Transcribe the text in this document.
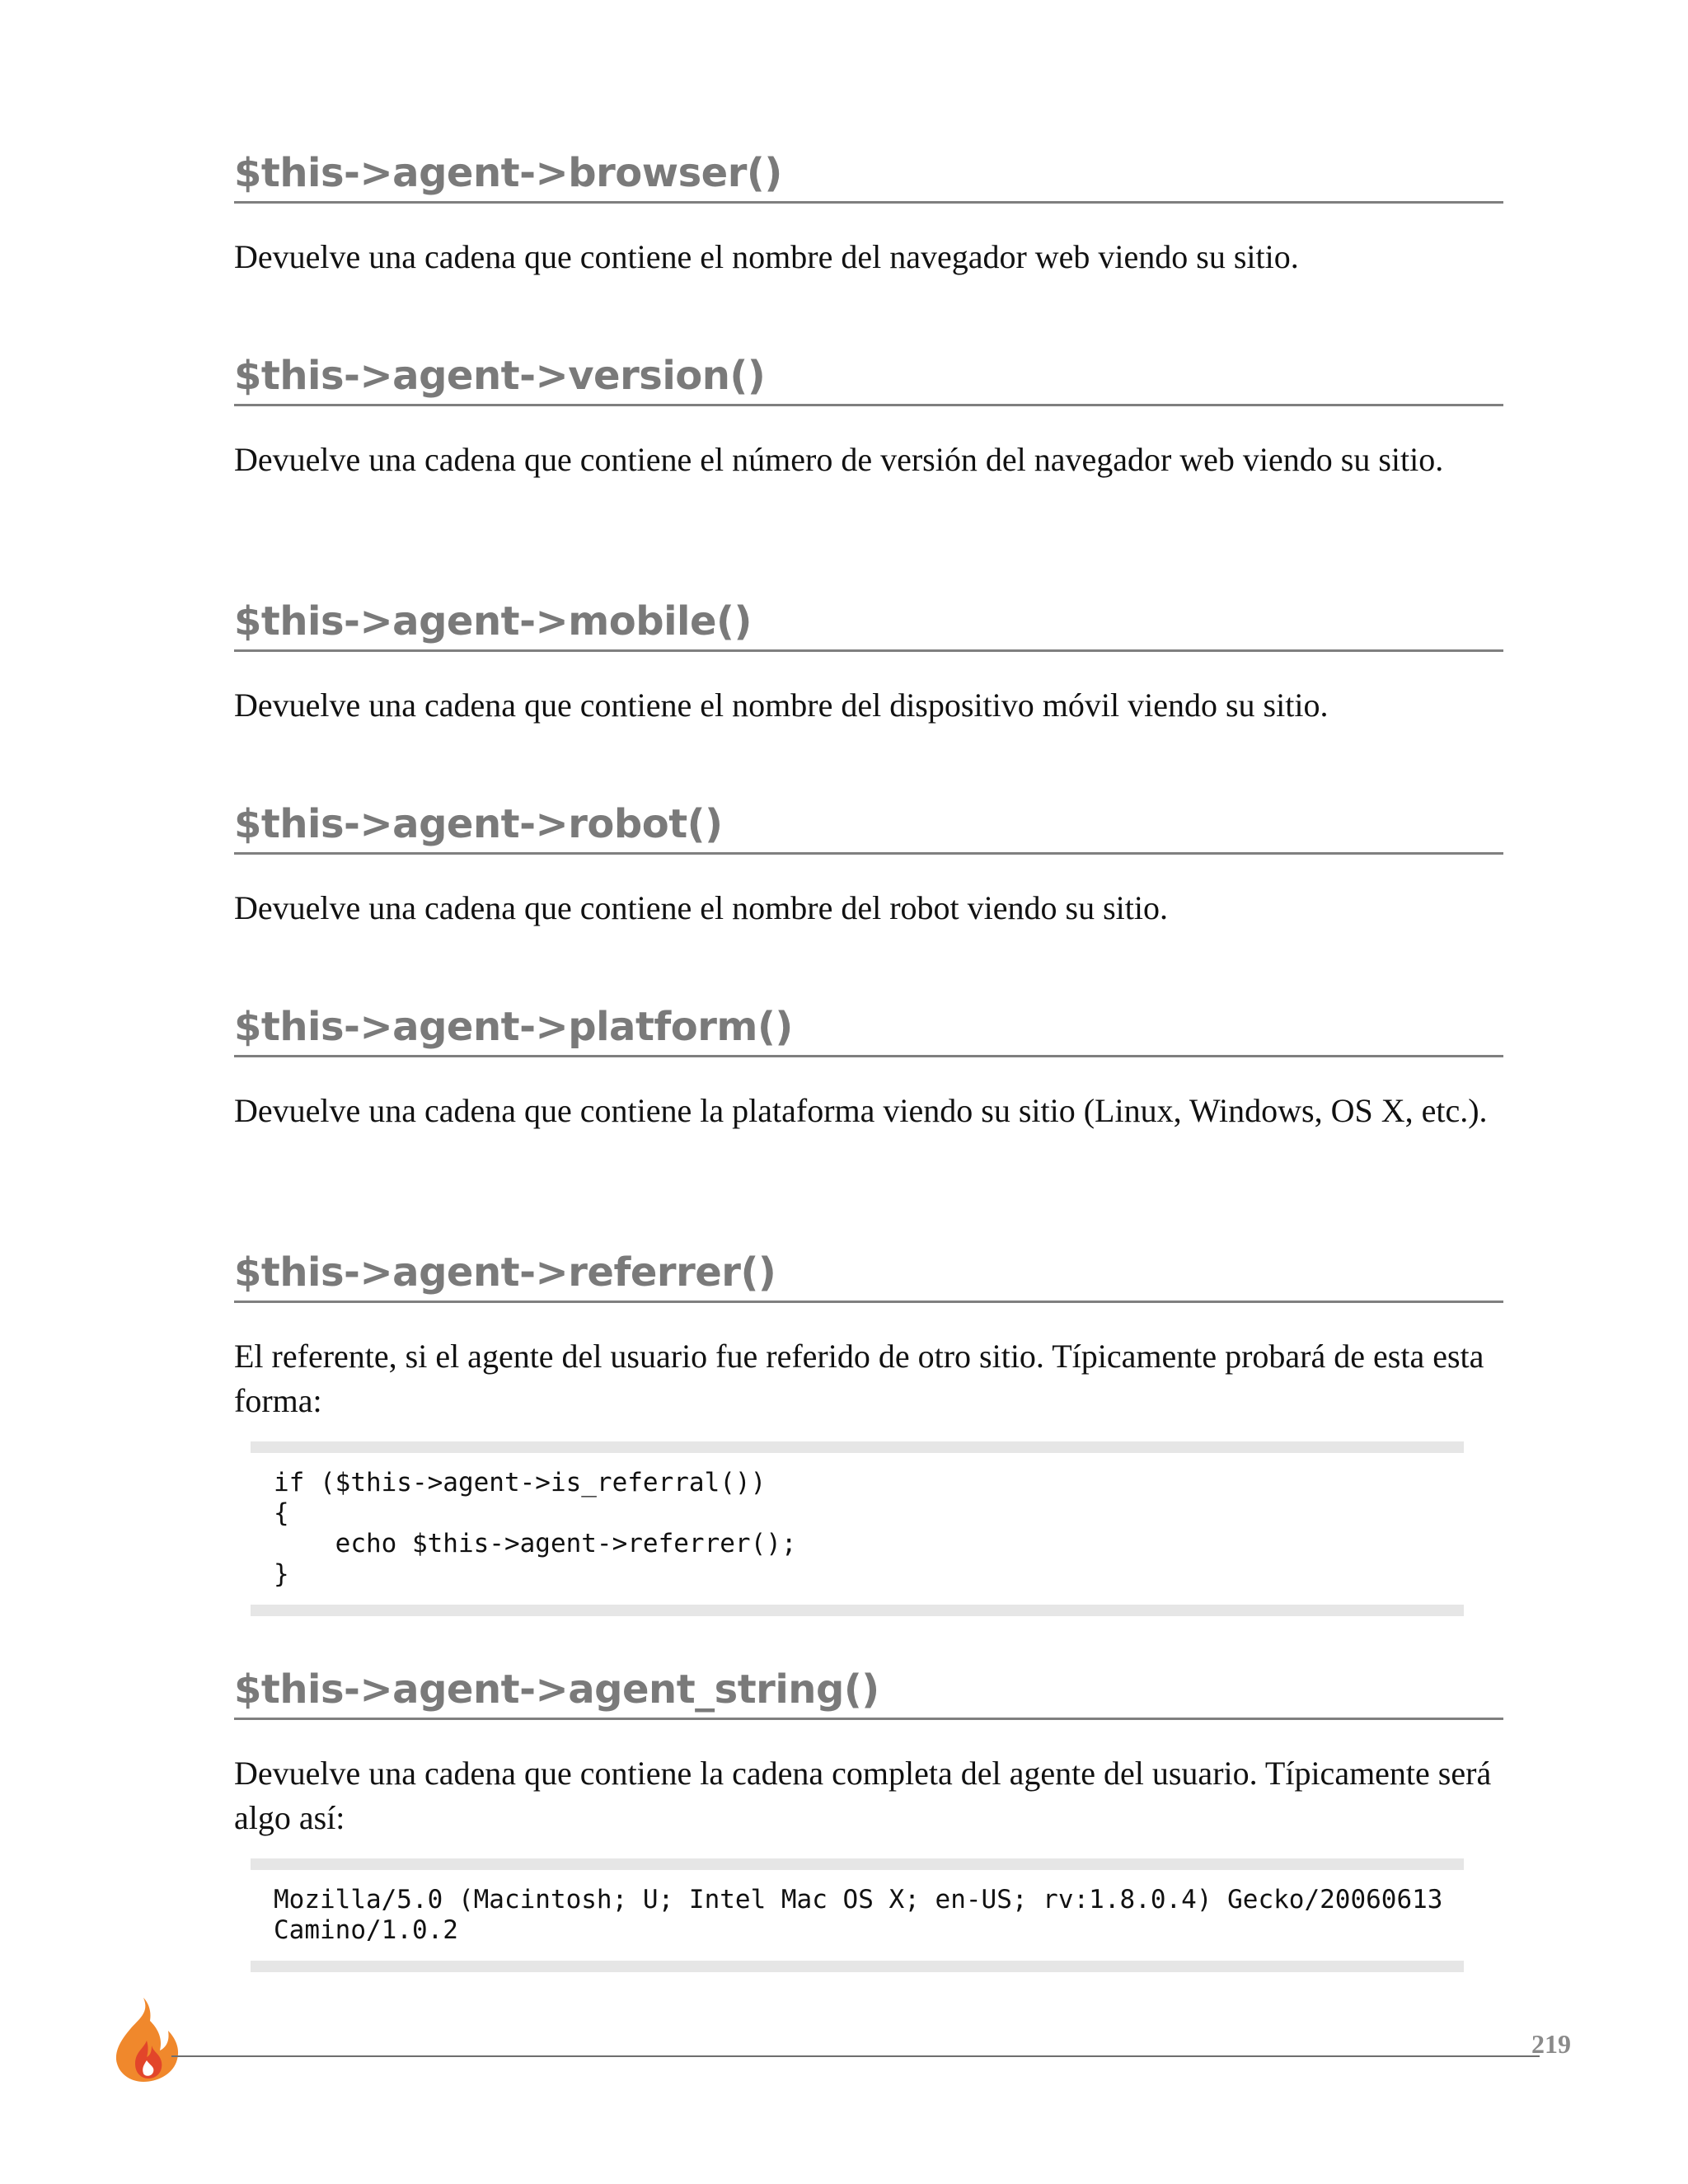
$this->agent->browser()

Devuelve una cadena que contiene el nombre del navegador web viendo su sitio.

$this->agent->version()

Devuelve una cadena que contiene el número de versión del navegador web viendo su sitio.

$this->agent->mobile()

Devuelve una cadena que contiene el nombre del dispositivo móvil viendo su sitio.

$this->agent->robot()

Devuelve una cadena que contiene el nombre del robot viendo su sitio.

$this->agent->platform()

Devuelve una cadena que contiene la plataforma viendo su sitio (Linux, Windows, OS X, etc.).

$this->agent->referrer()

El referente, si el agente del usuario fue referido de otro sitio. Típicamente probará de esta esta forma:

if ($this->agent->is_referral())
{
echo $this->agent->referrer();
}
$this->agent->agent_string()

Devuelve una cadena que contiene la cadena completa del agente del usuario. Típicamente será algo así:

Mozilla/5.0 (Macintosh; U; Intel Mac OS X; en-US; rv:1.8.0.4) Gecko/20060613
Camino/1.0.2
219
